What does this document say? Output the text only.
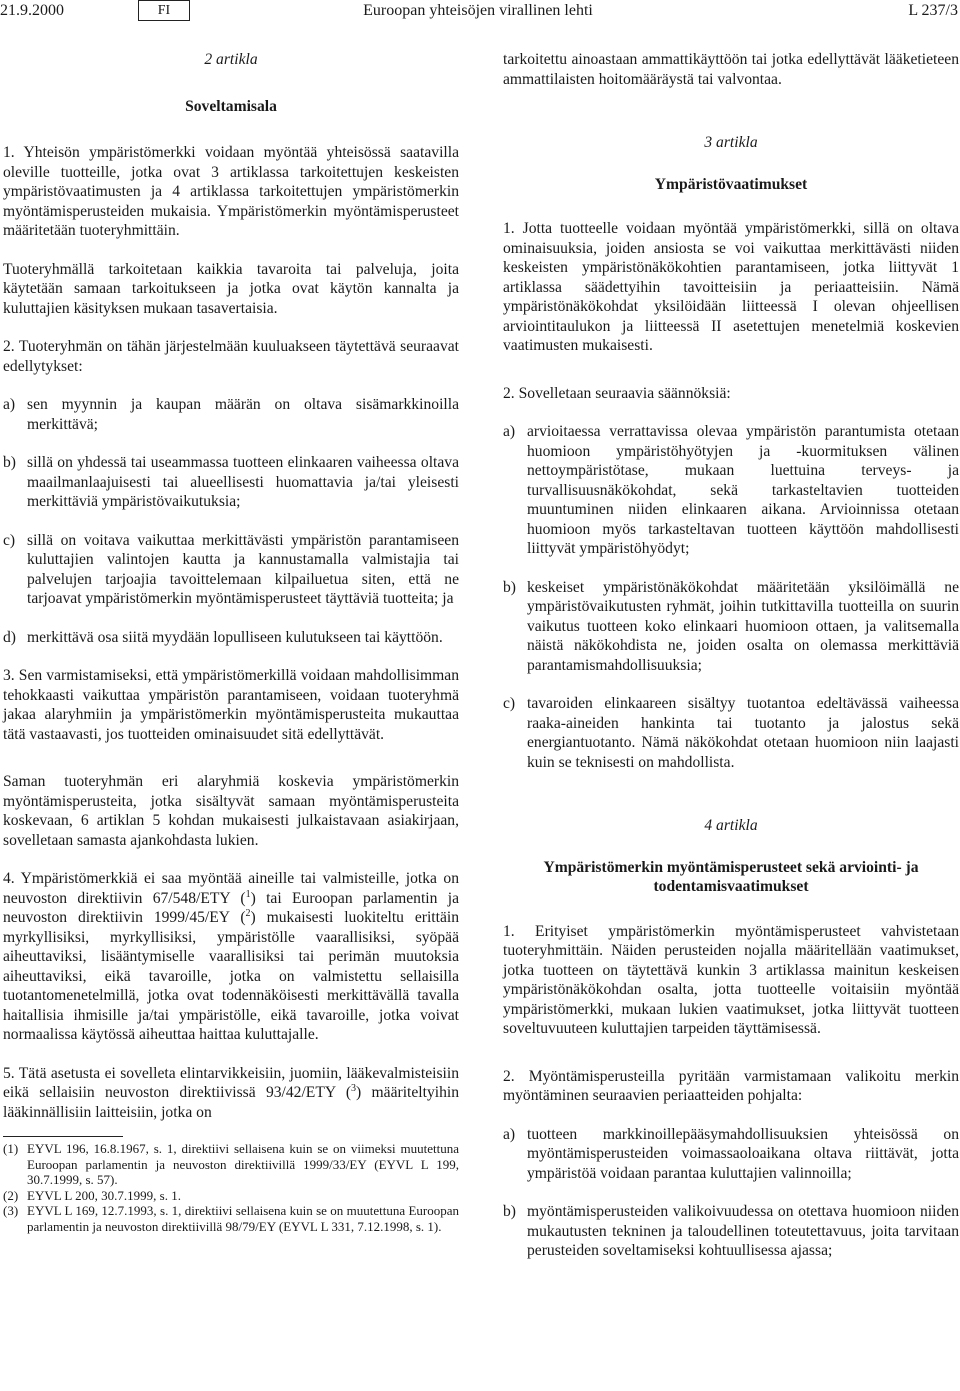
21.9.2000	FI	Euroopan yhteisöjen virallinen lehti	L 237/3

2 artikla

Soveltamisala

1. Yhteisön ympäristömerkki voidaan myöntää yhteisössä saatavilla oleville tuotteille, jotka ovat 3 artiklassa tarkoitettujen keskeisten ympäristövaatimusten ja 4 artiklassa tarkoitettujen ympäristömerkin myöntämisperusteiden mukaisia. Ympäristömerkin myöntämisperusteet määritetään tuoteryhmittäin.

Tuoteryhmällä tarkoitetaan kaikkia tavaroita tai palveluja, joita käytetään samaan tarkoitukseen ja jotka ovat käytön kannalta ja kuluttajien käsityksen mukaan tasavertaisia.

2. Tuoteryhmän on tähän järjestelmään kuuluakseen täytettävä seuraavat edellytykset:

a) sen myynnin ja kaupan määrän on oltava sisämarkkinoilla merkittävä;
b) sillä on yhdessä tai useammassa tuotteen elinkaaren vaiheessa oltava maailmanlaajuisesti tai alueellisesti huomattavia ja/tai yleisesti merkittäviä ympäristövaikutuksia;
c) sillä on voitava vaikuttaa merkittävästi ympäristön parantamiseen kuluttajien valintojen kautta ja kannustamalla valmistajia tai palvelujen tarjoajia tavoittelemaan kilpailuetua siten, että ne tarjoavat ympäristömerkin myöntämisperusteet täyttäviä tuotteita; ja
d) merkittävä osa siitä myydään lopulliseen kulutukseen tai käyttöön.

3. Sen varmistamiseksi, että ympäristömerkillä voidaan mahdollisimman tehokkaasti vaikuttaa ympäristön parantamiseen, voidaan tuoteryhmä jakaa alaryhmiin ja ympäristömerkin myöntämisperusteita mukauttaa tätä vastaavasti, jos tuotteiden ominaisuudet sitä edellyttävät.

Saman tuoteryhmän eri alaryhmiä koskevia ympäristömerkin myöntämisperusteita, jotka sisältyvät samaan myöntämisperusteita koskevaan, 6 artiklan 5 kohdan mukaisesti julkaistavaan asiakirjaan, sovelletaan samasta ajankohdasta lukien.

4. Ympäristömerkkiä ei saa myöntää aineille tai valmisteille, jotka on neuvoston direktiivin 67/548/ETY ($^1$) tai Euroopan parlamentin ja neuvoston direktiivin 1999/45/EY ($^2$) mukaisesti luokiteltu erittäin myrkyllisiksi, myrkyllisiksi, ympäristölle vaarallisiksi, syöpää aiheuttaviksi, lisääntymiselle vaarallisiksi tai perimän muutoksia aiheuttaviksi, eikä tavaroille, jotka on valmistettu sellaisilla tuotantomenetelmillä, jotka ovat todennäköisesti merkittävällä tavalla haitallisia ihmisille ja/tai ympäristölle, eikä tavaroille, jotka voivat normaalissa käytössä aiheuttaa haittaa kuluttajalle.

5. Tätä asetusta ei sovelleta elintarvikkeisiin, juomiin, lääkevalmisteisiin eikä sellaisiin neuvoston direktiivissä 93/42/ETY ($^3$) määriteltyihin lääkinnällisiin laitteisiin, jotka on

(1) EYVL 196, 16.8.1967, s. 1, direktiivi sellaisena kuin se on viimeksi muutettuna Euroopan parlamentin ja neuvoston direktiivillä 1999/33/EY (EYVL L 199, 30.7.1999, s. 57).
(2) EYVL L 200, 30.7.1999, s. 1.
(3) EYVL L 169, 12.7.1993, s. 1, direktiivi sellaisena kuin se on muutettuna Euroopan parlamentin ja neuvoston direktiivillä 98/79/EY (EYVL L 331, 7.12.1998, s. 1).

tarkoitettu ainoastaan ammattikäyttöön tai jotka edellyttävät lääketieteen ammattilaisten hoitomääräystä tai valvontaa.

3 artikla

Ympäristövaatimukset

1. Jotta tuotteelle voidaan myöntää ympäristömerkki, sillä on oltava ominaisuuksia, joiden ansiosta se voi vaikuttaa merkittävästi niiden keskeisten ympäristönäkökohtien parantamiseen, jotka liittyvät 1 artiklassa säädettyihin tavoitteisiin ja periaatteisiin. Nämä ympäristönäkökohdat yksilöidään liitteessä I olevan ohjeellisen arviointitaulukon ja liitteessä II asetettujen menetelmiä koskevien vaatimusten mukaisesti.

2. Sovelletaan seuraavia säännöksiä:

a) arvioitaessa verrattavissa olevaa ympäristön parantumista otetaan huomioon ympäristöhyötyjen ja -kuormituksen välinen nettoympäristötase, mukaan luettuina terveys- ja turvallisuusnäkökohdat, sekä tarkasteltavien tuotteiden muuntuminen niiden elinkaaren aikana. Arvioinnissa otetaan huomioon myös tarkasteltavan tuotteen käyttöön mahdollisesti liittyvät ympäristöhyödyt;
b) keskeiset ympäristönäkökohdat määritetään yksilöimällä ne ympäristövaikutusten ryhmät, joihin tutkittavilla tuotteilla on suurin vaikutus tuotteen koko elinkaari huomioon ottaen, ja valitsemalla näistä näkökohdista ne, joiden osalta on olemassa merkittäviä parantamismahdollisuuksia;
c) tavaroiden elinkaareen sisältyy tuotantoa edeltävässä vaiheessa raaka-aineiden hankinta tai tuotanto ja jalostus sekä energiantuotanto. Nämä näkökohdat otetaan huomioon niin laajasti kuin se teknisesti on mahdollista.

4 artikla

Ympäristömerkin myöntämisperusteet sekä arviointi- ja todentamisvaatimukset

1. Erityiset ympäristömerkin myöntämisperusteet vahvistetaan tuoteryhmittäin. Näiden perusteiden nojalla määritellään vaatimukset, jotka tuotteen on täytettävä kunkin 3 artiklassa mainitun keskeisen ympäristönäkökohdan osalta, jotta tuotteelle voitaisiin myöntää ympäristömerkki, mukaan lukien vaatimukset, jotka liittyvät tuotteen soveltuvuuteen kuluttajien tarpeiden täyttämisessä.

2. Myöntämisperusteilla pyritään varmistamaan valikoitu merkin myöntäminen seuraavien periaatteiden pohjalta:

a) tuotteen markkinoillepääsymahdollisuuksien yhteisössä on myöntämisperusteiden voimassaoloaikana oltava riittävät, jotta ympäristöä voidaan parantaa kuluttajien valinnoilla;
b) myöntämisperusteiden valikoivuudessa on otettava huomioon niiden mukautusten tekninen ja taloudellinen toteutettavuus, joita tarvitaan perusteiden soveltamiseksi kohtuullisessa ajassa;
